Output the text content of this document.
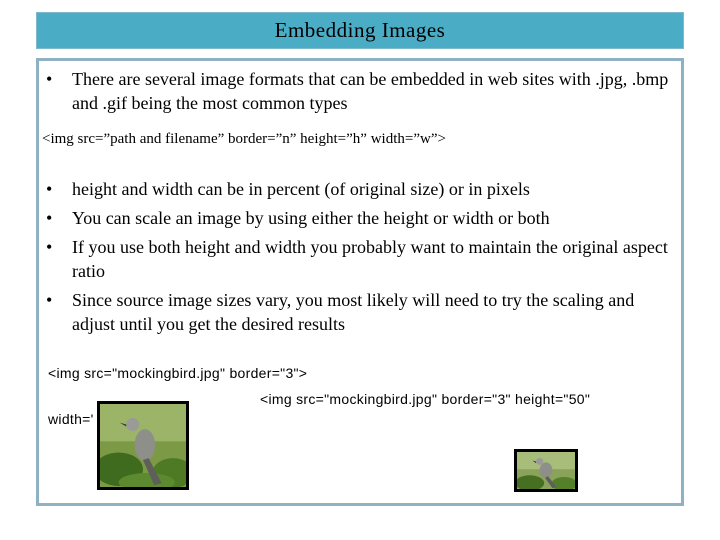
Embedding Images
• There are several image formats that can be embedded in web sites with .jpg, .bmp and .gif being the most common types
<img src=”path and filename” border=”n” height=”h” width=”w”>
• height and width can be in percent (of original size) or in pixels
• You can scale an image by using either the height or width or both
• If you use both height and width you probably want to maintain the original aspect ratio
• Since source image sizes vary, you most likely will need to try the scaling and adjust until you get the desired results
<img src="mockingbird.jpg" border="3">
<img src="mockingbird.jpg" border="3" height="50"
width='
